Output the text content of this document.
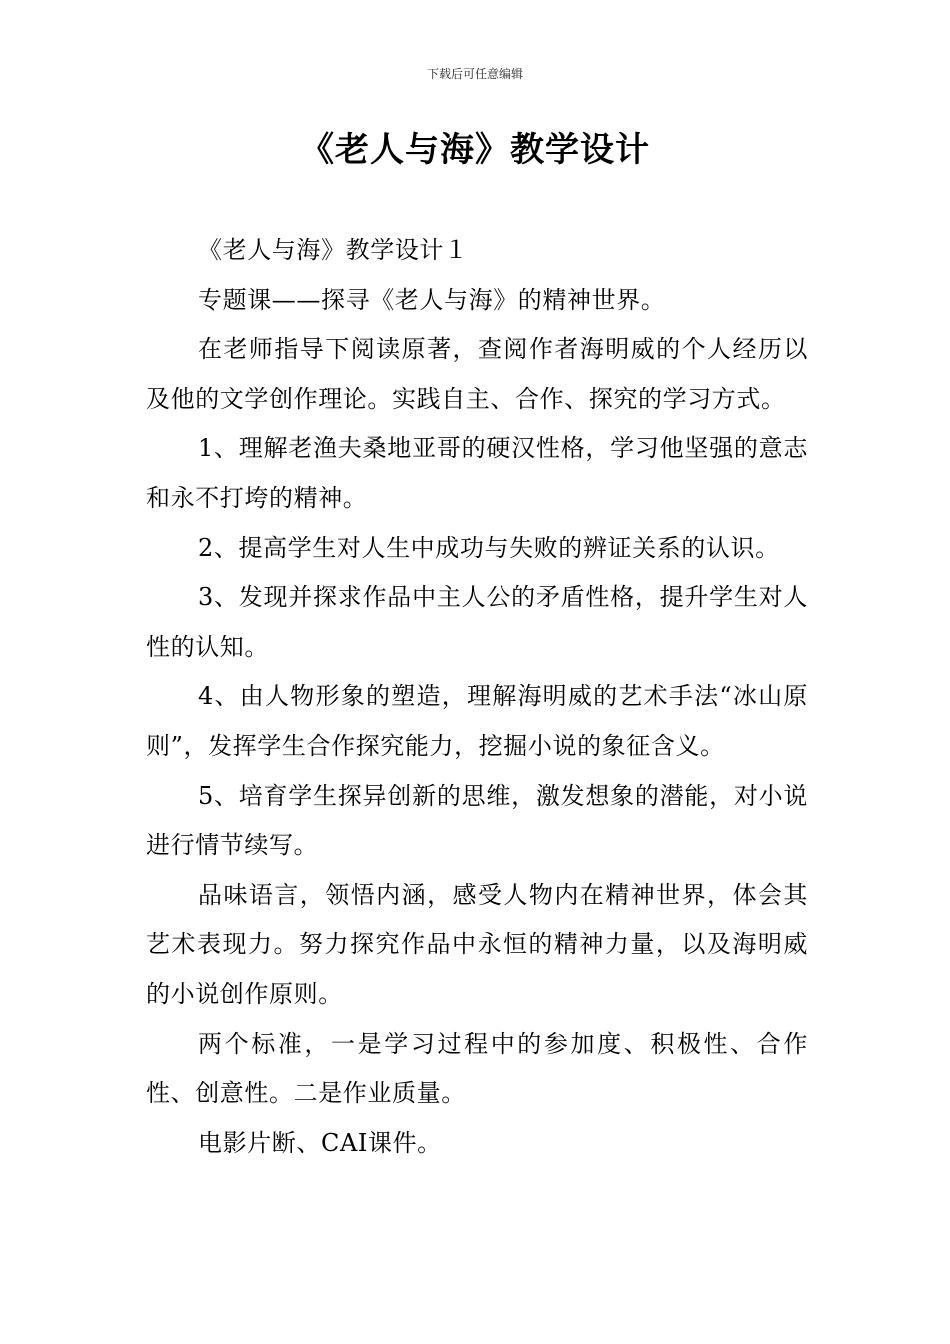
下载后可任意编辑
《老人与海》教学设计

《老人与海》教学设计１

专题课——探寻《老人与海》的精神世界。

在老师指导下阅读原著，查阅作者海明威的个人经历以及他的文学创作理论。实践自主、合作、探究的学习方式。

1、理解老渔夫桑地亚哥的硬汉性格，学习他坚强的意志和永不打垮的精神。

2、提高学生对人生中成功与失败的辨证关系的认识。

3、发现并探求作品中主人公的矛盾性格，提升学生对人性的认知。

4、由人物形象的塑造，理解海明威的艺术手法“冰山原则”，发挥学生合作探究能力，挖掘小说的象征含义。

5、培育学生探异创新的思维，激发想象的潜能，对小说进行情节续写。

品味语言，领悟内涵，感受人物内在精神世界，体会其艺术表现力。努力探究作品中永恒的精神力量，以及海明威的小说创作原则。

两个标准，一是学习过程中的参加度、积极性、合作性、创意性。二是作业质量。

电影片断、CAI课件。
